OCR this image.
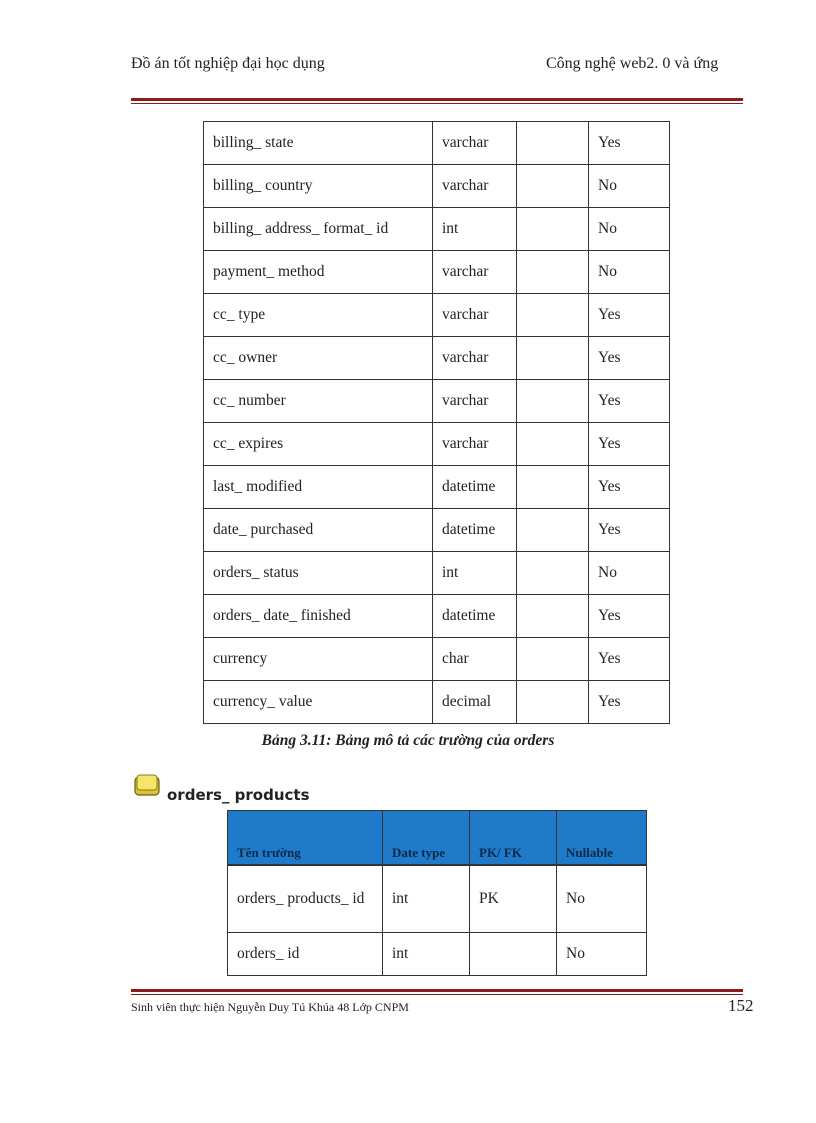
Đồ án tốt nghiệp đại học dụng	Công nghệ web2. 0 và ứng
billing_ state	varchar		Yes
billing_ country	varchar		No
billing_ address_ format_ id	int		No
payment_ method	varchar		No
cc_ type	varchar		Yes
cc_ owner	varchar		Yes
cc_ number	varchar		Yes
cc_ expires	varchar		Yes
last_ modified	datetime		Yes
date_ purchased	datetime		Yes
orders_ status	int		No
orders_ date_ finished	datetime		Yes
currency	char		Yes
currency_ value	decimal		Yes
Bảng 3.11: Bảng mô tả các trường của orders
orders_ products
Tên trường	Date type	PK/ FK	Nullable
orders_ products_ id	int	PK	No
orders_ id	int		No
Sinh viên thực hiện Nguyễn Duy Tú Khúa 48 Lớp CNPM	152
